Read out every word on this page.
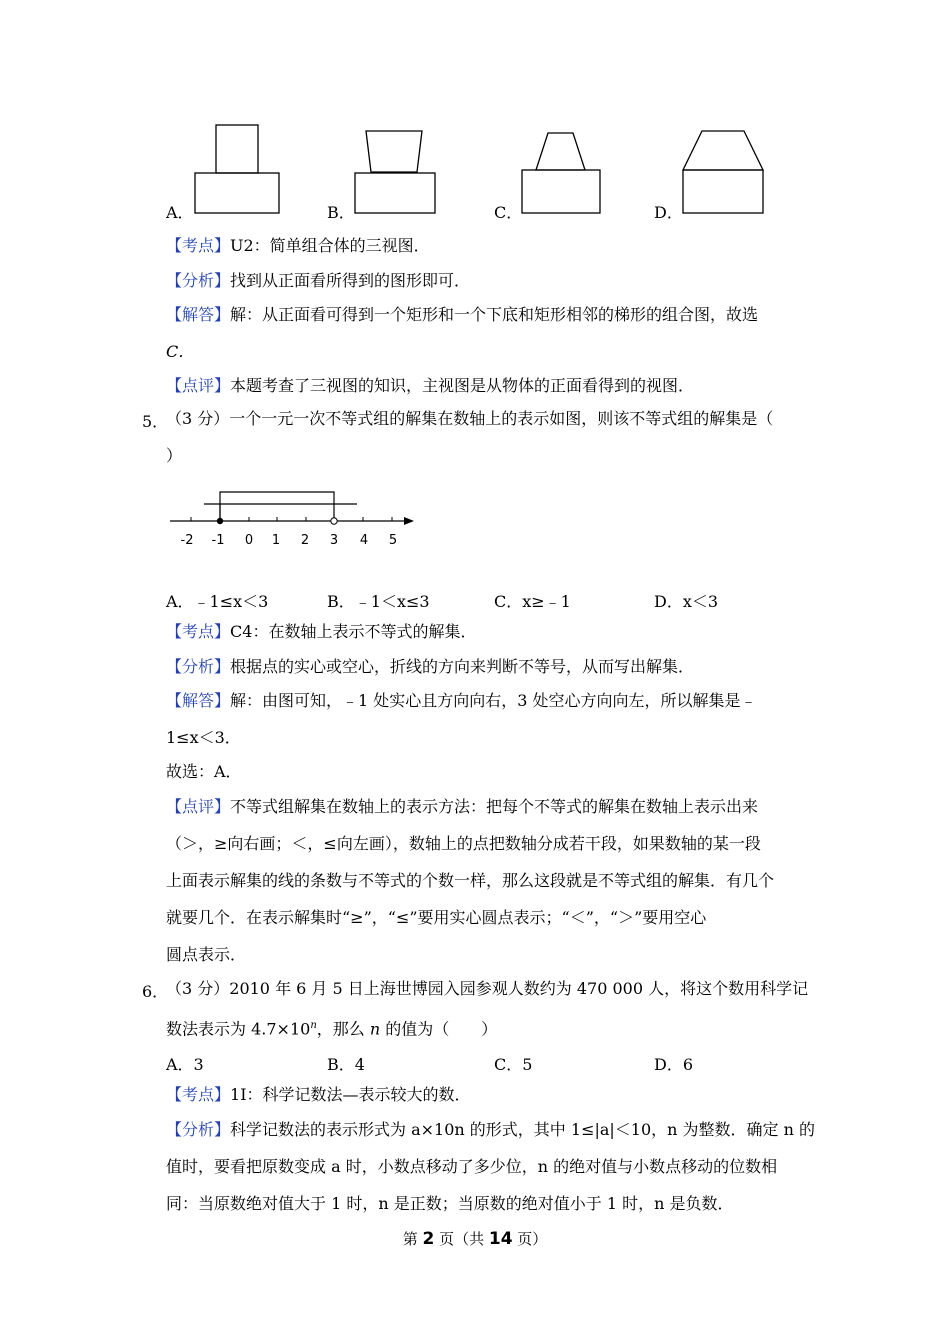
A．	B．	C．	D．
【考点】U2：简单组合体的三视图．
【分析】找到从正面看所得到的图形即可．
【解答】解：从正面看可得到一个矩形和一个下底和矩形相邻的梯形的组合图，故选
C．
【点评】本题考查了三视图的知识，主视图是从物体的正面看得到的视图．
5．
（3 分）一个一元一次不等式组的解集在数轴上的表示如图，则该不等式组的解集是（
）
-2 -1 0 1 2 3 4 5
A．﹣1≤x＜3	B．﹣1＜x≤3	C．x≥﹣1	D．x＜3
【考点】C4：在数轴上表示不等式的解集．
【分析】根据点的实心或空心，折线的方向来判断不等号，从而写出解集．
【解答】解：由图可知，﹣1 处实心且方向向右，3 处空心方向向左，所以解集是﹣
1≤x＜3．
故选：A．
【点评】不等式组解集在数轴上的表示方法：把每个不等式的解集在数轴上表示出来
（＞，≥向右画；＜，≤向左画），数轴上的点把数轴分成若干段，如果数轴的某一段
上面表示解集的线的条数与不等式的个数一样，那么这段就是不等式组的解集．有几个
就要几个．在表示解集时“≥”，“≤”要用实心圆点表示；“＜”，“＞”要用空心
圆点表示．
6．
（3 分）2010 年 6 月 5 日上海世博园入园参观人数约为 470 000 人，将这个数用科学记
数法表示为 $4.7\times 10^n$，那么 n 的值为（　　）
A．3	B．4	C．5	D．6
【考点】1I：科学记数法—表示较大的数．
【分析】科学记数法的表示形式为 a×10n 的形式，其中 1≤|a|＜10，n 为整数．确定 n 的
值时，要看把原数变成 a 时，小数点移动了多少位，n 的绝对值与小数点移动的位数相
同：当原数绝对值大于 1 时，n 是正数；当原数的绝对值小于 1 时，n 是负数．
第 2 页（共 14 页）
